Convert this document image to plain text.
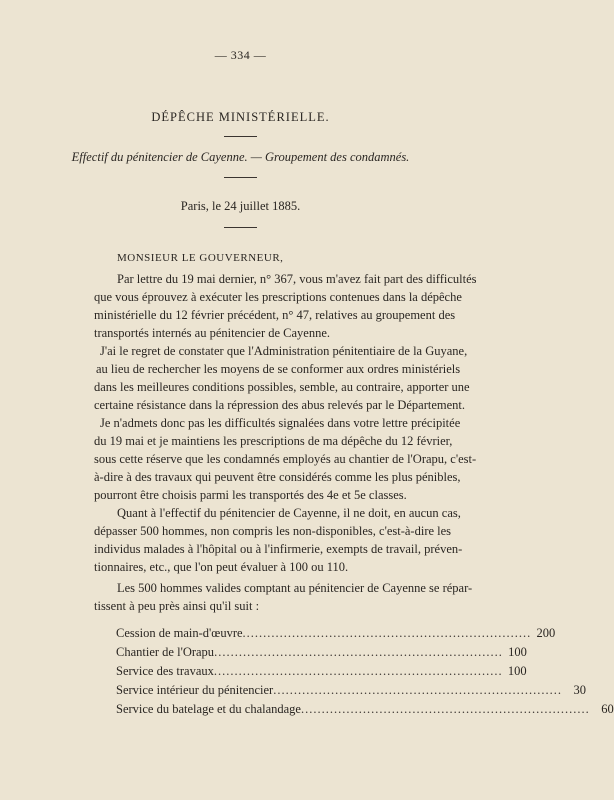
— 334 —
DÉPÊCHE MINISTÉRIELLE.
Effectif du pénitencier de Cayenne. — Groupement des condamnés.
Paris, le 24 juillet 1885.
MONSIEUR LE GOUVERNEUR,
Par lettre du 19 mai dernier, n° 367, vous m'avez fait part des difficultés
que vous éprouvez à exécuter les prescriptions contenues dans la dépêche
ministérielle du 12 février précédent, n° 47, relatives au groupement des
transportés internés au pénitencier de Cayenne.
J'ai le regret de constater que l'Administration pénitentiaire de la Guyane,
au lieu de rechercher les moyens de se conformer aux ordres ministériels
dans les meilleures conditions possibles, semble, au contraire, apporter une
certaine résistance dans la répression des abus relevés par le Département.
Je n'admets donc pas les difficultés signalées dans votre lettre précipitée
du 19 mai et je maintiens les prescriptions de ma dépêche du 12 février,
sous cette réserve que les condamnés employés au chantier de l'Orapu, c'est-
à-dire à des travaux qui peuvent être considérés comme les plus pénibles,
pourront être choisis parmi les transportés des 4e et 5e classes.
Quant à l'effectif du pénitencier de Cayenne, il ne doit, en aucun cas,
dépasser 500 hommes, non compris les non-disponibles, c'est-à-dire les
individus malades à l'hôpital ou à l'infirmerie, exempts de travail, préven-
tionnaires, etc., que l'on peut évaluer à 100 ou 110.
Les 500 hommes valides comptant au pénitencier de Cayenne se répar-
tissent à peu près ainsi qu'il suit :
Cession de main-d'œuvre ...................................................................... 200
Chantier de l'Orapu ...................................................................... 100
Service des travaux ...................................................................... 100
Service intérieur du pénitencier ...................................................................... 30
Service du batelage et du chalandage ...................................................................... 60
